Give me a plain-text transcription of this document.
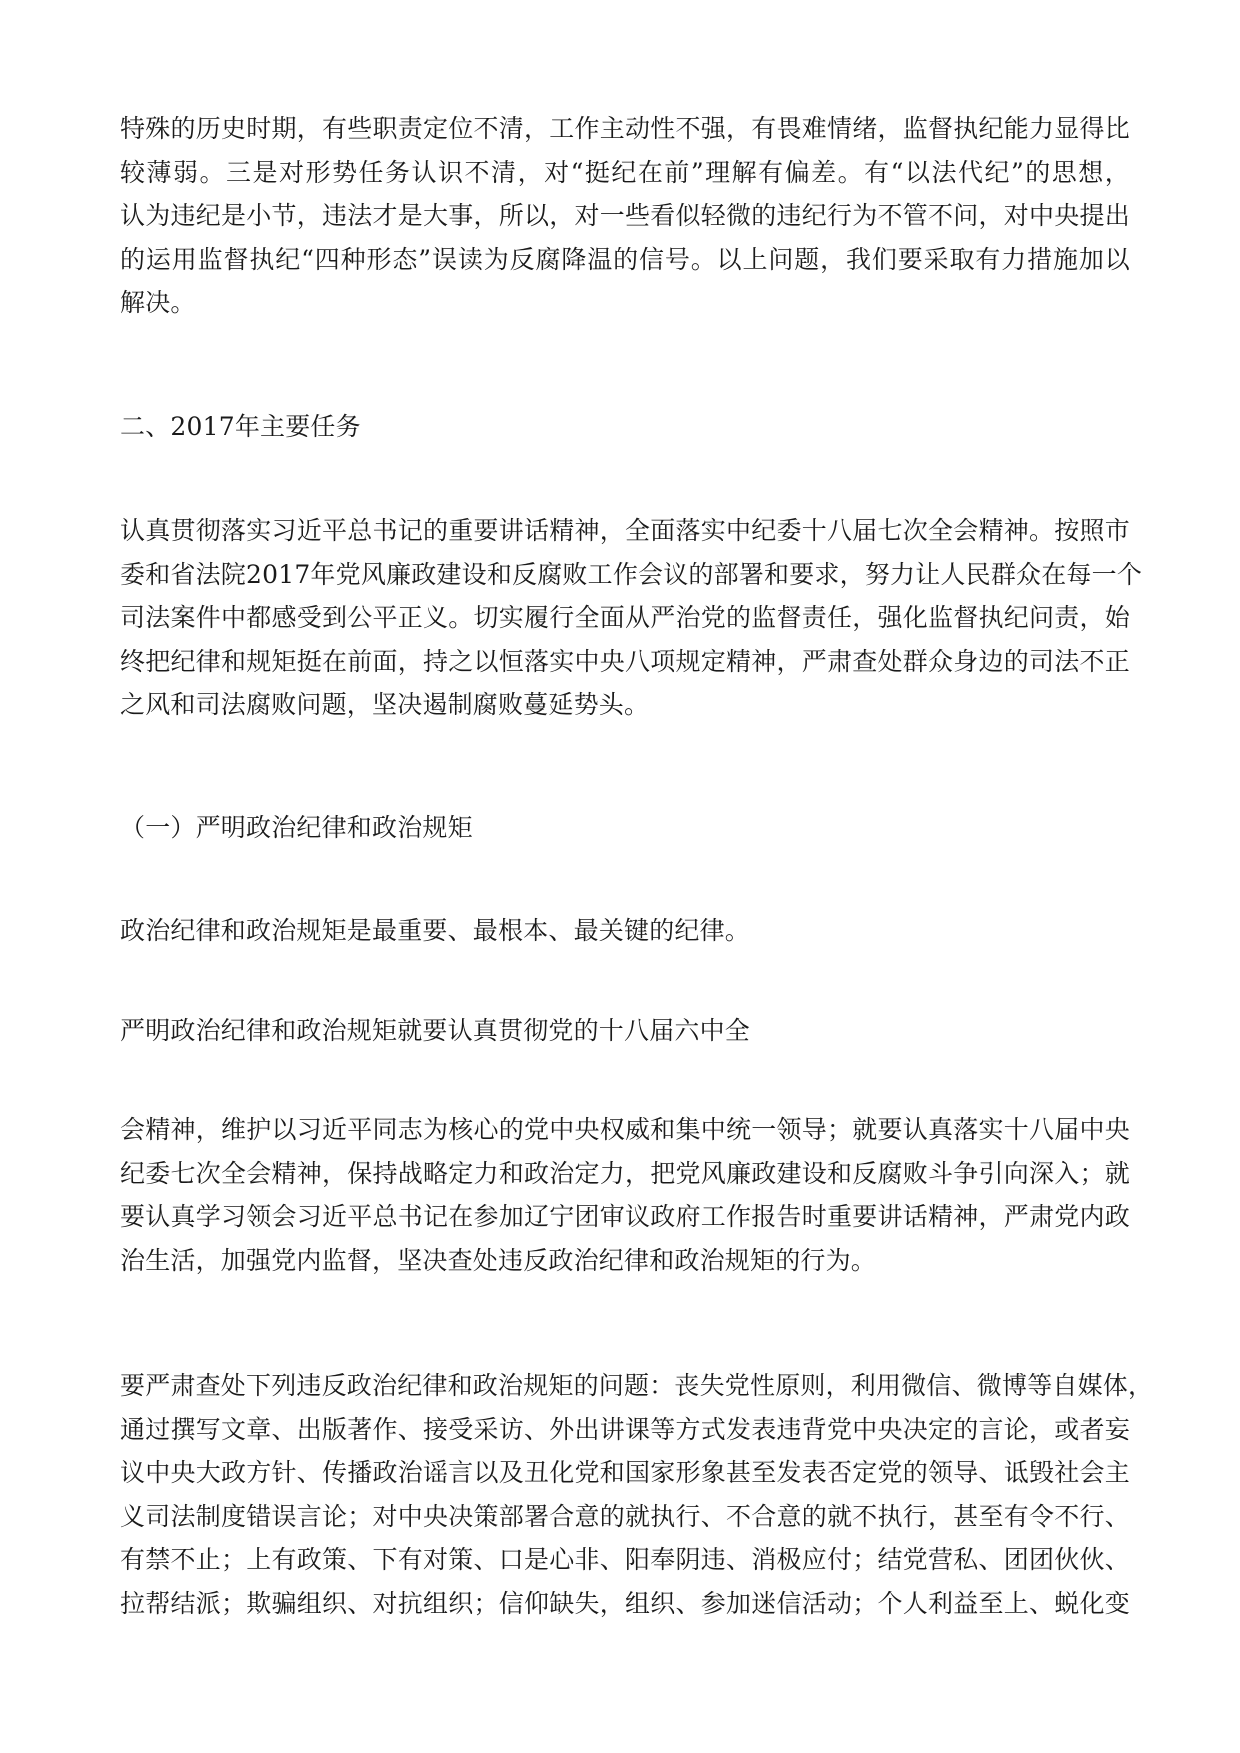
特殊的历史时期，有些职责定位不清，工作主动性不强，有畏难情绪，监督执纪能力显得比
较薄弱。三是对形势任务认识不清，对“挺纪在前”理解有偏差。有“以法代纪”的思想，
认为违纪是小节，违法才是大事，所以，对一些看似轻微的违纪行为不管不问，对中央提出
的运用监督执纪“四种形态”误读为反腐降温的信号。以上问题，我们要采取有力措施加以
解决。
二、2017年主要任务
认真贯彻落实习近平总书记的重要讲话精神，全面落实中纪委十八届七次全会精神。按照市
委和省法院2017年党风廉政建设和反腐败工作会议的部署和要求，努力让人民群众在每一个
司法案件中都感受到公平正义。切实履行全面从严治党的监督责任，强化监督执纪问责，始
终把纪律和规矩挺在前面，持之以恒落实中央八项规定精神，严肃查处群众身边的司法不正
之风和司法腐败问题，坚决遏制腐败蔓延势头。
（一）严明政治纪律和政治规矩
政治纪律和政治规矩是最重要、最根本、最关键的纪律。
严明政治纪律和政治规矩就要认真贯彻党的十八届六中全
会精神，维护以习近平同志为核心的党中央权威和集中统一领导；就要认真落实十八届中央
纪委七次全会精神，保持战略定力和政治定力，把党风廉政建设和反腐败斗争引向深入；就
要认真学习领会习近平总书记在参加辽宁团审议政府工作报告时重要讲话精神，严肃党内政
治生活，加强党内监督，坚决查处违反政治纪律和政治规矩的行为。
要严肃查处下列违反政治纪律和政治规矩的问题：丧失党性原则，利用微信、微博等自媒体，
通过撰写文章、出版著作、接受采访、外出讲课等方式发表违背党中央决定的言论，或者妄
议中央大政方针、传播政治谣言以及丑化党和国家形象甚至发表否定党的领导、诋毁社会主
义司法制度错误言论；对中央决策部署合意的就执行、不合意的就不执行，甚至有令不行、
有禁不止；上有政策、下有对策、口是心非、阳奉阴违、消极应付；结党营私、团团伙伙、
拉帮结派；欺骗组织、对抗组织；信仰缺失，组织、参加迷信活动；个人利益至上、蜕化变
